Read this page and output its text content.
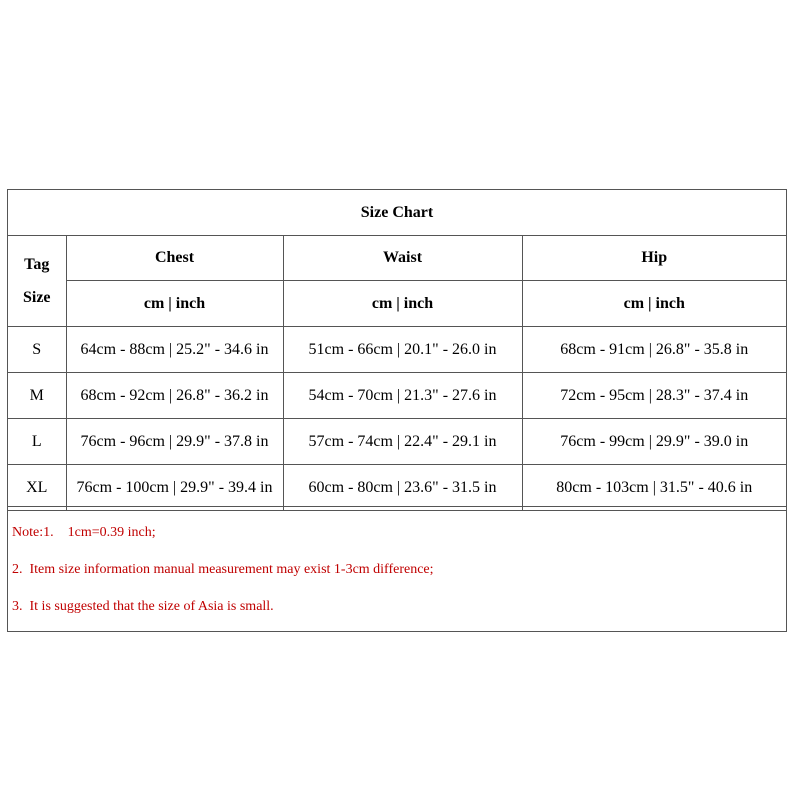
Size Chart			

Tag
Size	Chest	Waist	Hip
	cm | inch	cm | inch	cm | inch
S	64cm - 88cm | 25.2" - 34.6 in	51cm - 66cm | 20.1" - 26.0 in	68cm - 91cm | 26.8" - 35.8 in
M	68cm - 92cm | 26.8" - 36.2 in	54cm - 70cm | 21.3" - 27.6 in	72cm - 95cm | 28.3" - 37.4 in
L	76cm - 96cm | 29.9" - 37.8 in	57cm - 74cm | 22.4" - 29.1 in	76cm - 99cm | 29.9" - 39.0 in
XL	76cm - 100cm | 29.9" - 39.4 in	60cm - 80cm | 23.6" - 31.5 in	80cm - 103cm | 31.5" - 40.6 in
Note:1.    1cm=0.39 inch;
2.  Item size information manual measurement may exist 1-3cm difference;
3.  It is suggested that the size of Asia is small.
